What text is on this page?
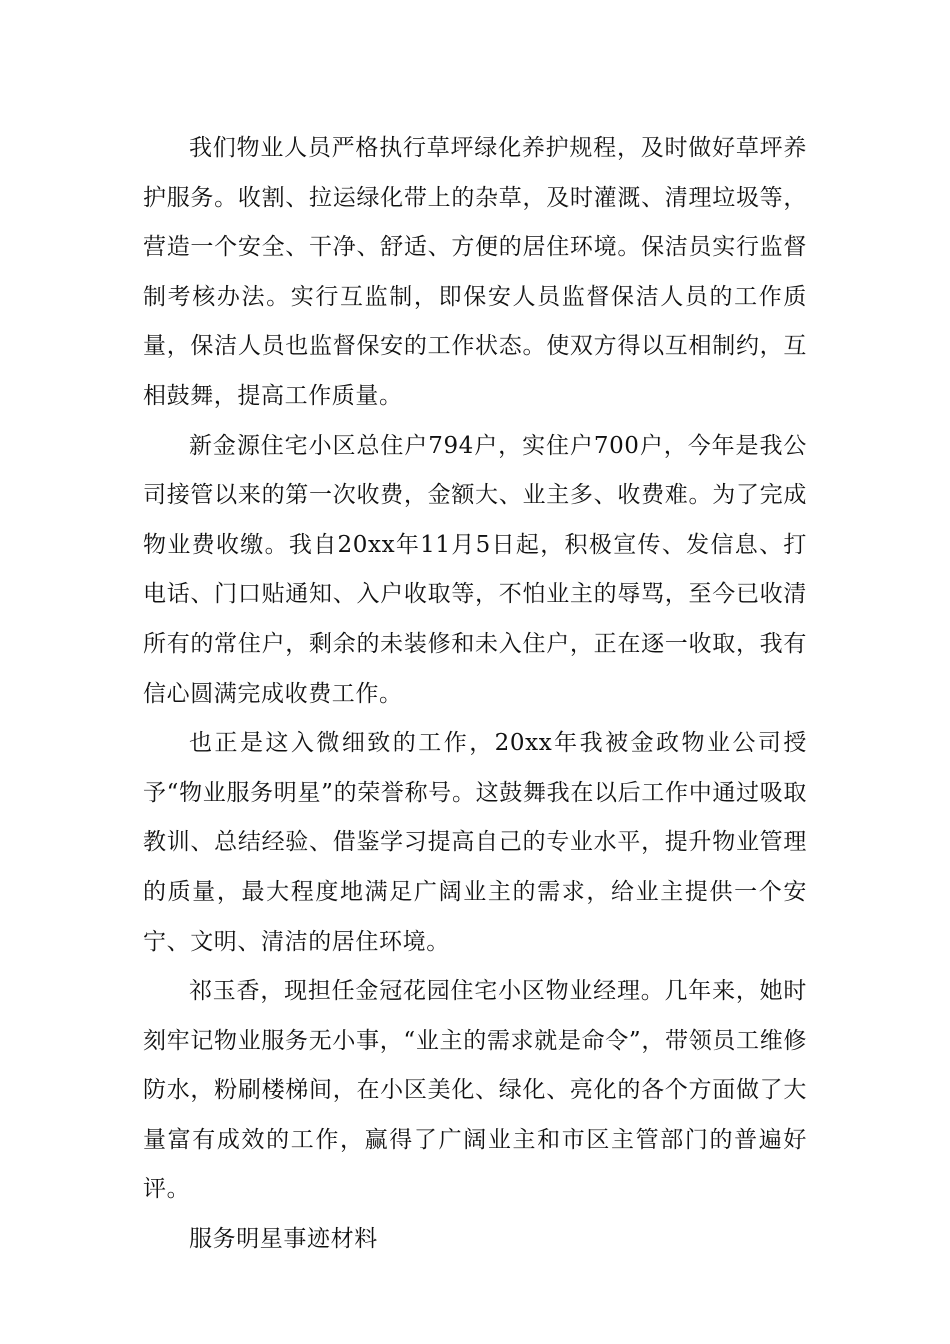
我们物业人员严格执行草坪绿化养护规程，及时做好草坪养护服务。收割、拉运绿化带上的杂草，及时灌溉、清理垃圾等，营造一个安全、干净、舒适、方便的居住环境。保洁员实行监督制考核办法。实行互监制，即保安人员监督保洁人员的工作质量，保洁人员也监督保安的工作状态。使双方得以互相制约，互相鼓舞，提高工作质量。

新金源住宅小区总住户794户，实住户700户，今年是我公司接管以来的第一次收费，金额大、业主多、收费难。为了完成物业费收缴。我自20xx年11月5日起，积极宣传、发信息、打电话、门口贴通知、入户收取等，不怕业主的辱骂，至今已收清所有的常住户，剩余的未装修和未入住户，正在逐一收取，我有信心圆满完成收费工作。

也正是这入微细致的工作，20xx年我被金政物业公司授予“物业服务明星”的荣誉称号。这鼓舞我在以后工作中通过吸取教训、总结经验、借鉴学习提高自己的专业水平，提升物业管理的质量，最大程度地满足广阔业主的需求，给业主提供一个安宁、文明、清洁的居住环境。

祁玉香，现担任金冠花园住宅小区物业经理。几年来，她时刻牢记物业服务无小事，“业主的需求就是命令”，带领员工维修防水，粉刷楼梯间，在小区美化、绿化、亮化的各个方面做了大量富有成效的工作，赢得了广阔业主和市区主管部门的普遍好评。

服务明星事迹材料
